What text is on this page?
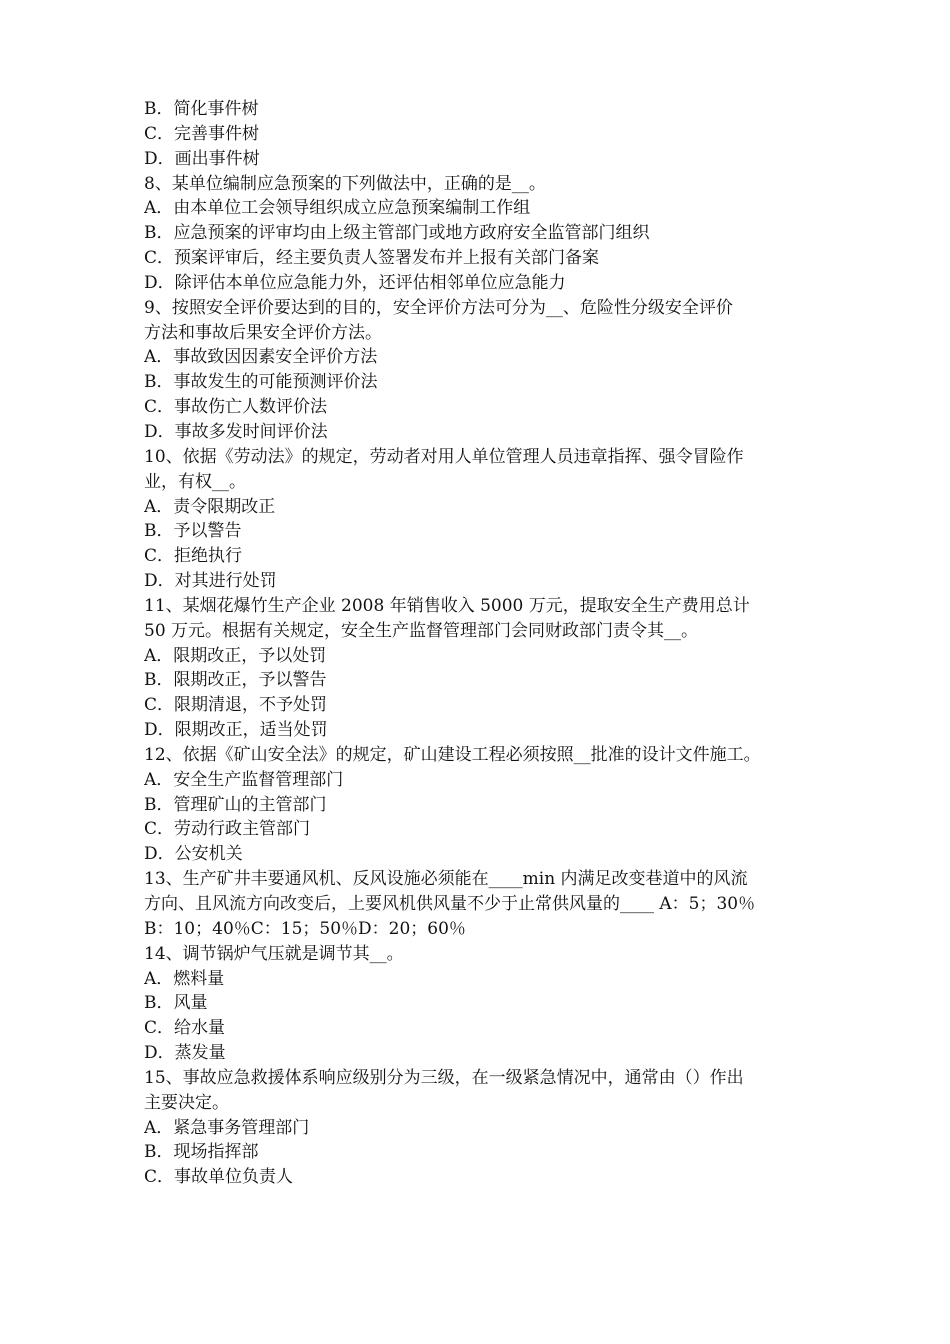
B．简化事件树
C．完善事件树
D．画出事件树
8、某单位编制应急预案的下列做法中，正确的是__。
A．由本单位工会领导组织成立应急预案编制工作组
B．应急预案的评审均由上级主管部门或地方政府安全监管部门组织
C．预案评审后，经主要负责人签署发布并上报有关部门备案
D．除评估本单位应急能力外，还评估相邻单位应急能力
9、按照安全评价要达到的目的，安全评价方法可分为__、危险性分级安全评价
方法和事故后果安全评价方法。
A．事故致因因素安全评价方法
B．事故发生的可能预测评价法
C．事故伤亡人数评价法
D．事故多发时间评价法
10、依据《劳动法》的规定，劳动者对用人单位管理人员违章指挥、强令冒险作
业，有权__。
A．责令限期改正
B．予以警告
C．拒绝执行
D．对其进行处罚
11、某烟花爆竹生产企业 2008 年销售收入 5000 万元，提取安全生产费用总计
50 万元。根据有关规定，安全生产监督管理部门会同财政部门责令其__。
A．限期改正，予以处罚
B．限期改正，予以警告
C．限期清退，不予处罚
D．限期改正，适当处罚
12、依据《矿山安全法》的规定，矿山建设工程必须按照__批准的设计文件施工。
A．安全生产监督管理部门
B．管理矿山的主管部门
C．劳动行政主管部门
D．公安机关
13、生产矿井丰要通风机、反风设施必须能在____min 内满足改变巷道中的风流
方向、且风流方向改变后，上要风机供风量不少于止常供风量的____ A：5；30％
B：10；40％C：15；50％D：20；60％
14、调节锅炉气压就是调节其__。
A．燃料量
B．风量
C．给水量
D．蒸发量
15、事故应急救援体系响应级别分为三级，在一级紧急情况中，通常由（）作出
主要决定。
A．紧急事务管理部门
B．现场指挥部
C．事故单位负责人
